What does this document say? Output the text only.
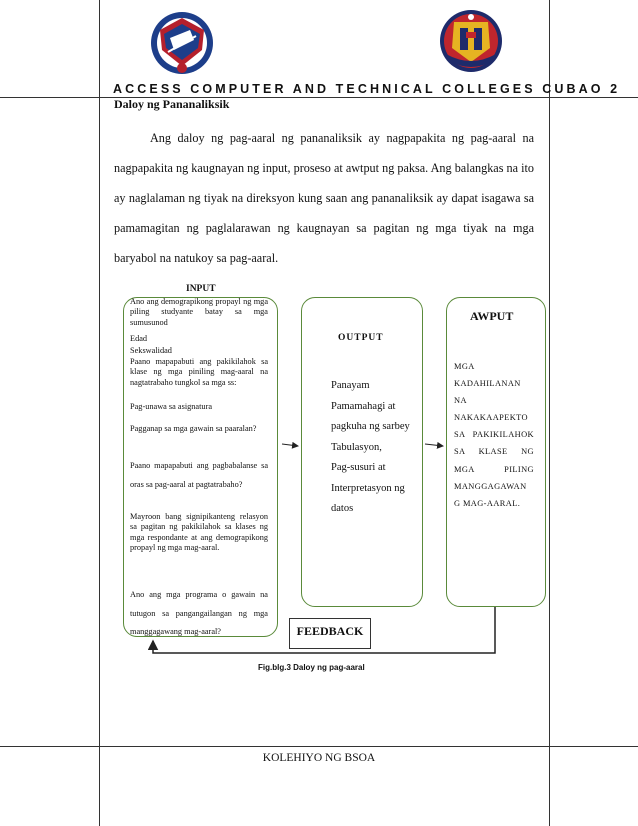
ACCESS COMPUTER AND TECHNICAL COLLEGES CUBAO 2
Daloy ng Pananaliksik
Ang daloy ng pag-aaral ng pananaliksik ay nagpapakita ng pag-aaral na nagpapakita ng kaugnayan ng input, proseso at awtput ng paksa. Ang balangkas na ito ay naglalaman ng tiyak na direksyon kung saan ang pananaliksik ay dapat isagawa sa pamamagitan ng paglalarawan ng kaugnayan sa pagitan ng mga tiyak na mga baryabol na natukoy sa pag-aaral.
INPUT
Ano ang demograpikong propayl ng mga piling studyante batay sa mga sumusunod
Edad
Sekswalidad
Paano mapapabuti ang pakikilahok sa klase ng mga piniling mag-aaral na nagtatrabaho tungkol sa mga ss:
Pag-unawa sa asignatura
Pagganap sa mga gawain sa paaralan?
Paano mapapabuti ang pagbabalanse sa oras sa pag-aaral at pagtatrabaho?
Mayroon bang signipikanteng relasyon sa pagitan ng pakikilahok sa klases ng mga respondante at ang demograpikong propayl ng mga mag-aaral.
Ano ang mga programa o gawain na tutugon sa pangangailangan ng mga manggagawang mag-aaral?
OUTPUT
Panayam
Pamamahagi at pagkuha ng sarbey
Tabulasyon,
Pag-susuri at Interpretasyon ng datos
AWPUT
MGA KADAHILANAN NA NAKAKAAPEKTO SA PAKIKILAHOK SA KLASE NG MGA PILING MANGGAGAWAN G MAG-AARAL.
FEEDBACK
Fig.blg.3 Daloy ng pag-aaral
KOLEHIYO NG BSOA
